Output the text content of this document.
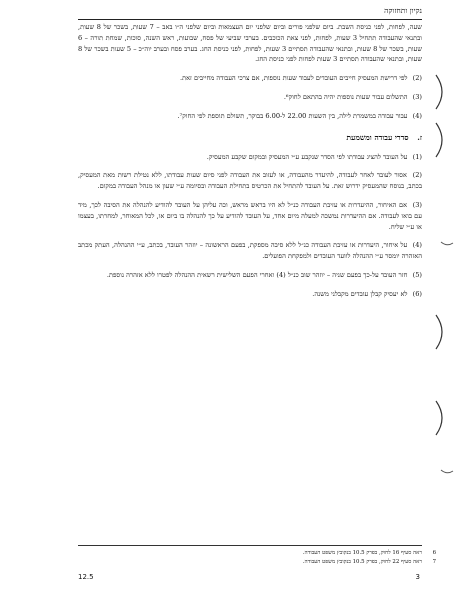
נקיון ותחזוקה

שעה, לפחות, לפני כניסת השבת. ביום שלפני פורים וביום שלפני יום העצמאות וביום שלפני ה״ו באב – 7 שעות, בשכר של 8 שעות, ובתנאי שהעבודה תתחיל 3 שעות, לפחות, לפני צאת הכוכבים. בערבי שביעי של פסח, שבועות, ראש השנה, סוכות, שמחת תורה – 6 שעות, בשכר של 8 שעות, ובתנאי שהעבודה תסתיים 3 שעות, לפחות, לפני כניסת החג. בערב פסח ובערב יוה״כ – 5 שעות בשכר של 8 שעות, ובתנאי שהעבודה תסתיים 3 שעות לפחות לפני כניסת החג.

(2) לפי דרישת המעסיק חייבים העובדים לעבוד שעות נוספות, אם צרכי העבודה מחייבים זאת.

(3) התשלום עבור שעות נוספות יהיה בהתאם לחוק⁶.

(4) עבור עבודה במשמרת לילה, בין השעות 22.00 ל-6.00 בבוקר, תשולם תוספת לפי החוק⁷.

ז. סדרי עבודה ומשמעת

(1) על העובד להציג עבודתו לפי הסדר שנקבע ע״י המעסיק ובמקום שקבע המעסיק.

(2) אסור לעובד לאחר לעבודה, להיעדר מהעבודה, או לעזוב את העבודה לפני סיום שעות עבודתו, ללא נטילת רשות מאת המעסיק, בכתב, בנוסח שהמעסיק ידרוש זאת. על העובד להתחיל את הכרטיס בתחילת העבודה ובסיומה ע״י שעון או מנהל העבודה במקום.

(3) אם האיחור, ההיעדרות או עזיבת העבודה כנ״ל לא היו בראש מראש, וכה עליהן על העובד להודיע להנהלה את הסיבה לכך, מיד עם בואו לעבודה. אם ההיעדרות נמשכה למעלה מיום אחד, על העובד להודיע על כך להנהלה בו ביום או, לכל המאוחר, למחרתו, בעצמו או ע״י שליח.

(4) על איחור, היעדרות או עזיבת העבודה כנ״ל ללא סיבה מספקת, בפעם הראשונה – יוזהר העובד, בכתב, ע״י ההנהלה, העתק מכתב האזהרה יומסר ע״י ההנהלה לוועד העובדים ולמפקחת הפועלים.

(5) חזר העובד על-כך בפעם שניה – יוזהר שוב כנ״ל (4) ואחרי הפעם השלישית רשאית ההנהלה לפטרו ללא אזהרה נוספת.

(6) לא יעסיק קבלן עובדים מקבלני משנה.

6
ראה סעיף 16 לחוק, בפרק 10.5 בנקובץ משפט העבודה.
7
ראה סעיף 22 לחוק, בפרק 10.5 בנקובץ משפט העבודה.
12.5	3
